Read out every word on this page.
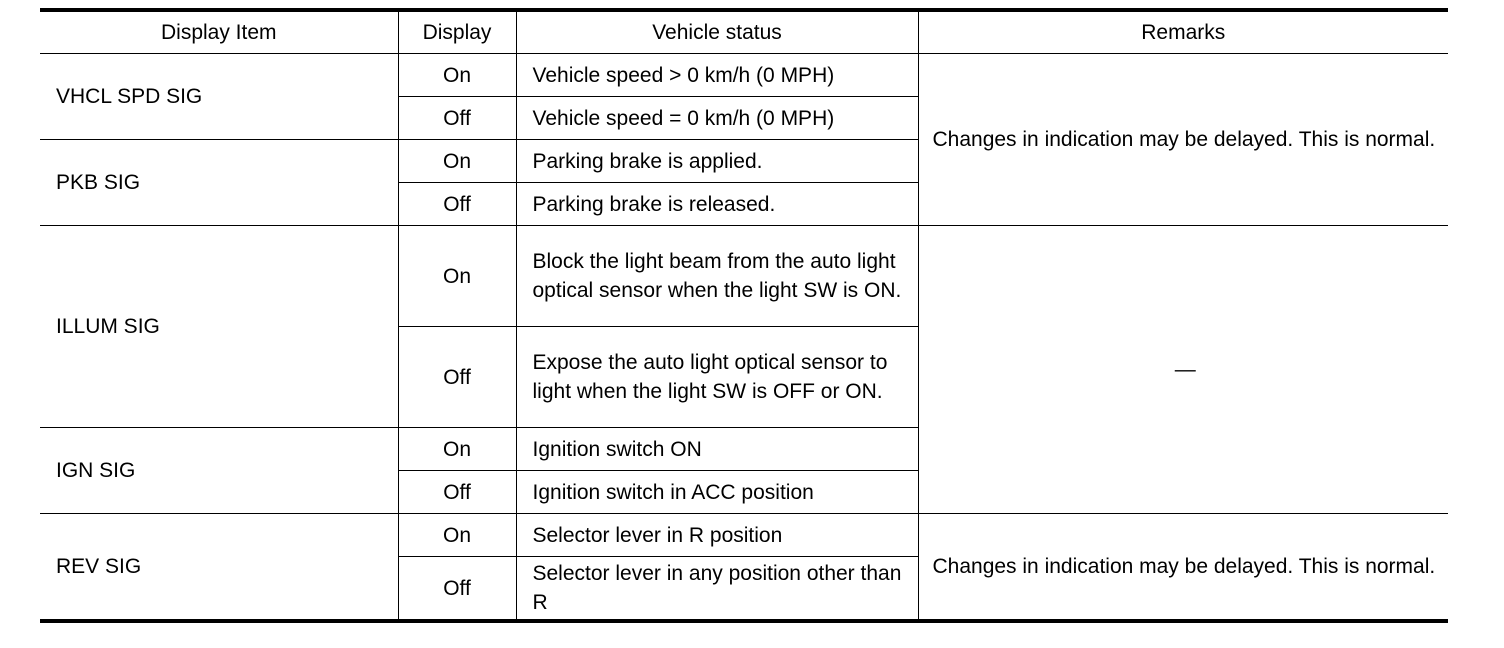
Display Item	Display	Vehicle status	Remarks
VHCL SPD SIG	On	Vehicle speed > 0 km/h (0 MPH)	Changes in indication may be delayed. This is normal.
	Off	Vehicle speed = 0 km/h (0 MPH)	
PKB SIG	On	Parking brake is applied.	
	Off	Parking brake is released.	
ILLUM SIG	On	Block the light beam from the auto light optical sensor when the light SW is ON.	—
	Off	Expose the auto light optical sensor to light when the light SW is OFF or ON.	
IGN SIG	On	Ignition switch ON	
	Off	Ignition switch in ACC position	
REV SIG	On	Selector lever in R position	Changes in indication may be delayed. This is normal.
	Off	Selector lever in any position other than R	
